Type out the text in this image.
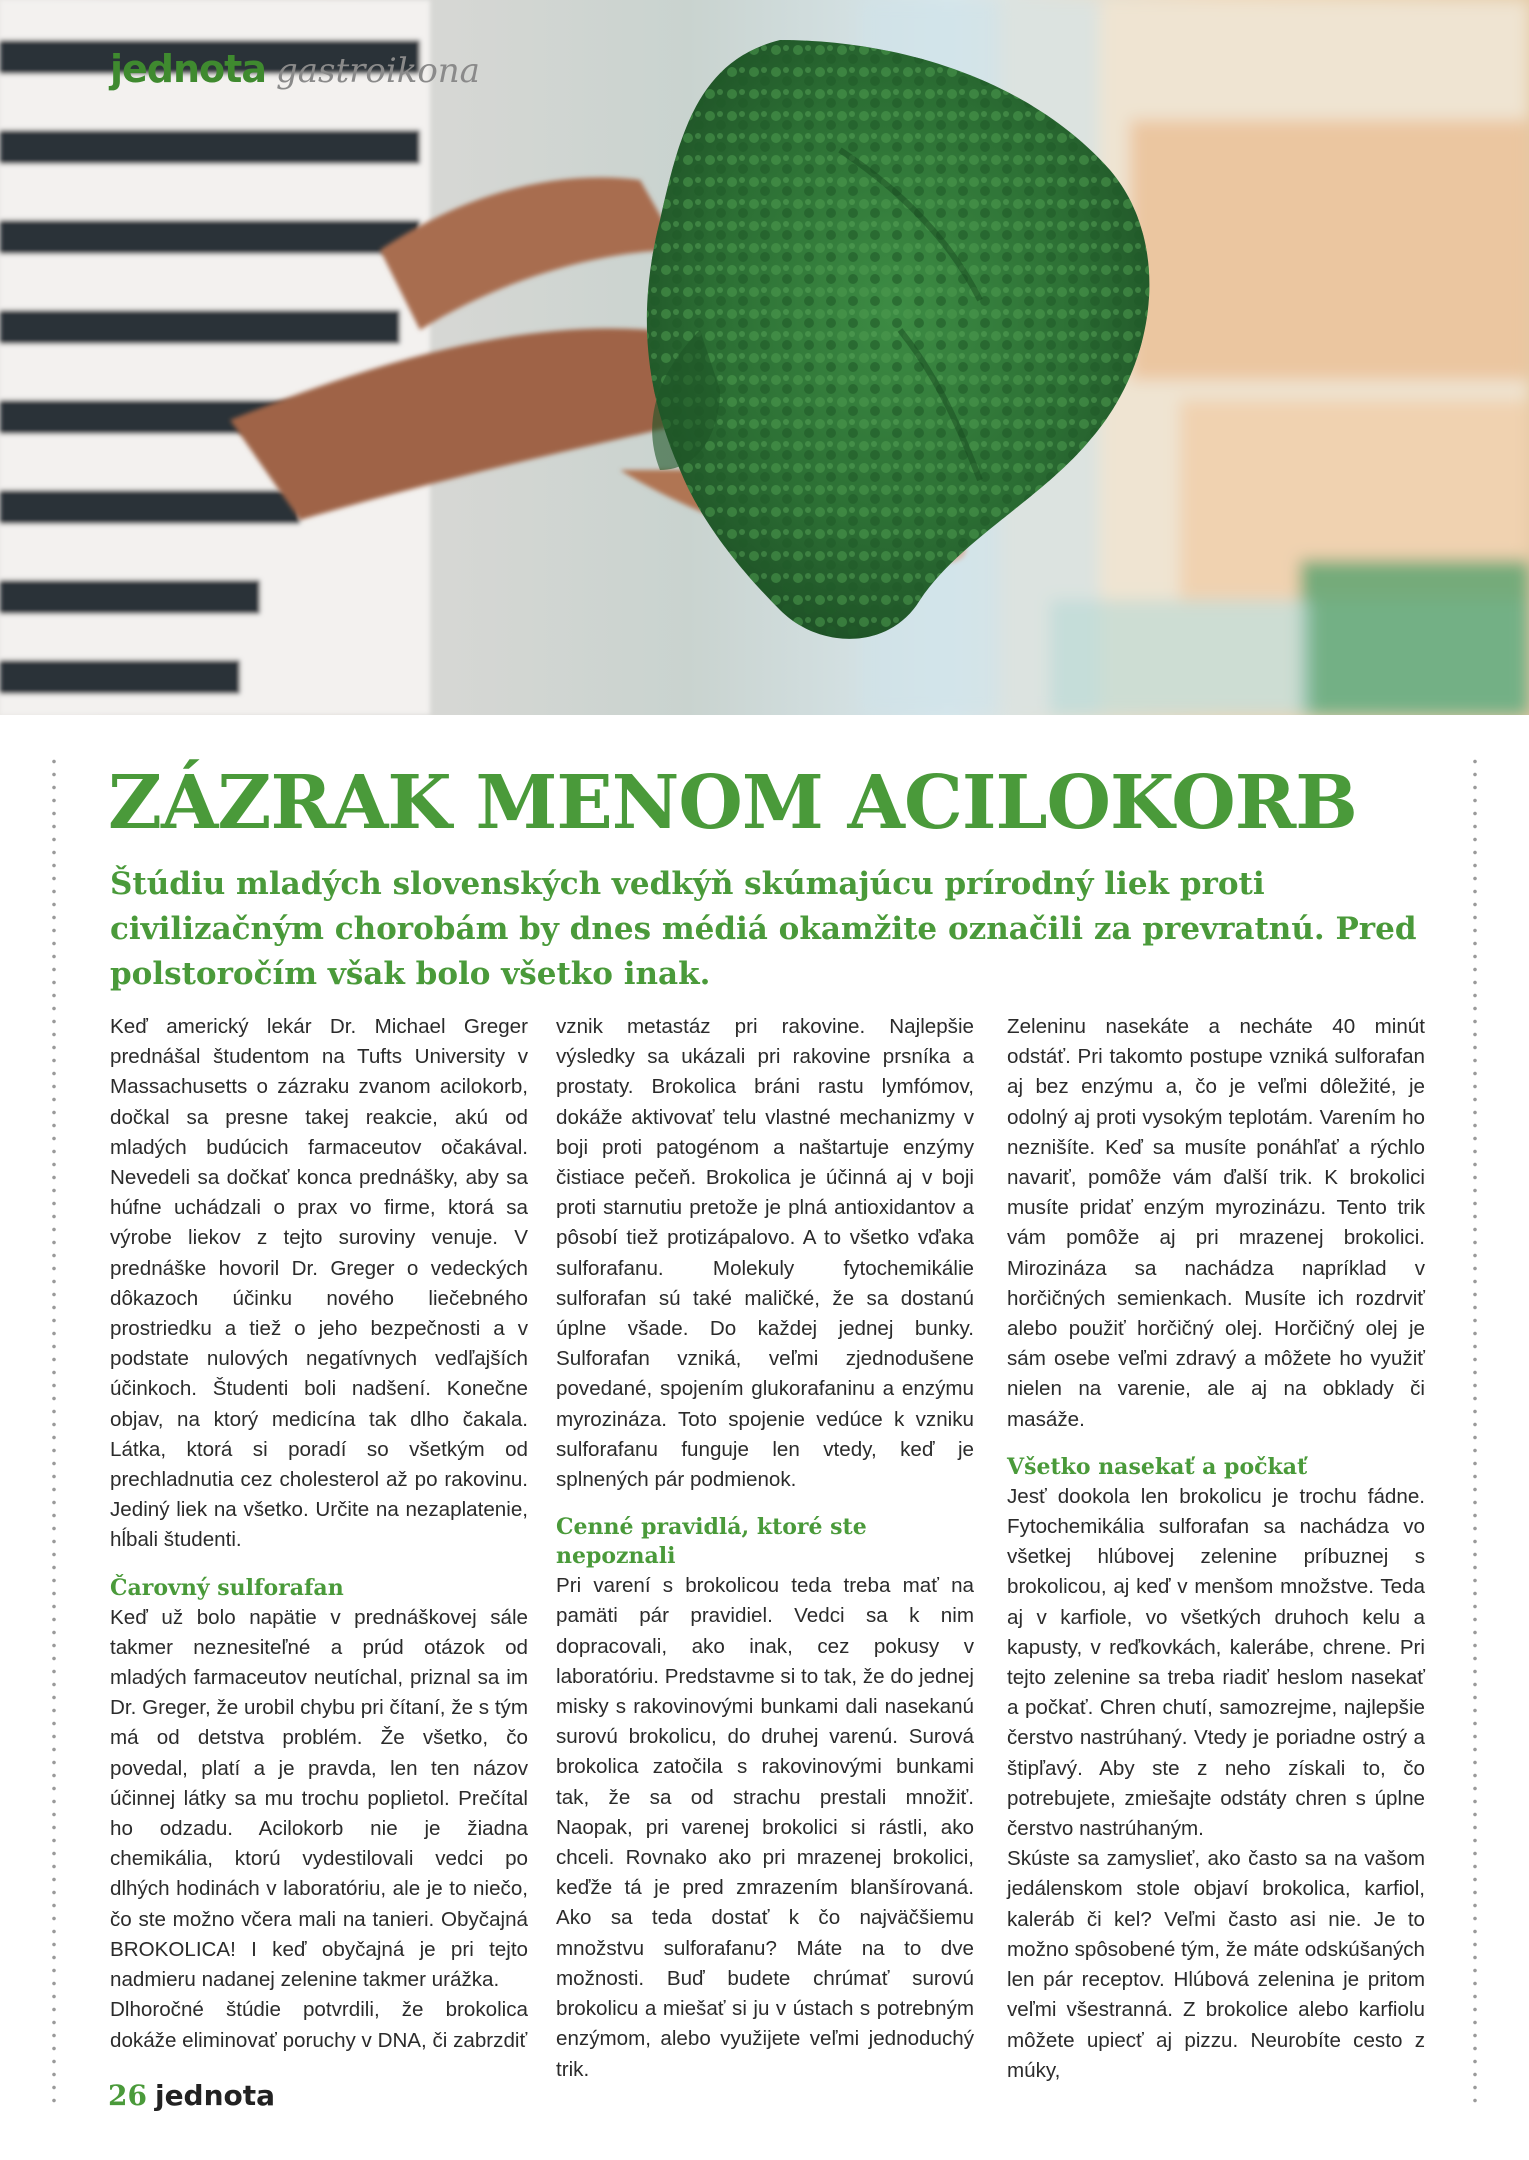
jednota gastroikona
ZÁZRAK MENOM ACILOKORB

Štúdiu mladých slovenských vedkýň skúmajúcu prírodný liek proti civilizačným chorobám by dnes médiá okamžite označili za prevratnú. Pred polstoročím však bolo všetko inak.

Keď americký lekár Dr. Michael Greger prednášal študentom na Tufts University v Massachusetts o zázraku zvanom acilokorb, dočkal sa presne takej reakcie, akú od mladých budúcich farmaceutov očakával. Nevedeli sa dočkať konca prednášky, aby sa húfne uchádzali o prax vo firme, ktorá sa výrobe liekov z tejto suroviny venuje. V prednáške hovoril Dr. Greger o vedeckých dôkazoch účinku nového liečebného prostriedku a tiež o jeho bezpečnosti a v podstate nulových negatívnych vedľajších účinkoch. Študenti boli nadšení. Konečne objav, na ktorý medicína tak dlho čakala. Látka, ktorá si poradí so všetkým od prechladnutia cez cholesterol až po rakovinu. Jediný liek na všetko. Určite na nezaplatenie, hĺbali študenti.

Čarovný sulforafan

Keď už bolo napätie v prednáškovej sále takmer neznesiteľné a prúd otázok od mladých farmaceutov neutíchal, priznal sa im Dr. Greger, že urobil chybu pri čítaní, že s tým má od detstva problém. Že všetko, čo povedal, platí a je pravda, len ten názov účinnej látky sa mu trochu poplietol. Prečítal ho odzadu. Acilokorb nie je žiadna chemikália, ktorú vydestilovali vedci po dlhých hodinách v laboratóriu, ale je to niečo, čo ste možno včera mali na tanieri. Obyčajná BROKOLICA! I keď obyčajná je pri tejto nadmieru nadanej zelenine takmer urážka.

Dlhoročné štúdie potvrdili, že brokolica dokáže eliminovať poruchy v DNA, či zabrzdiť

vznik metastáz pri rakovine. Najlepšie výsledky sa ukázali pri rakovine prsníka a prostaty. Brokolica bráni rastu lymfómov, dokáže aktivovať telu vlastné mechanizmy v boji proti patogénom a naštartuje enzýmy čistiace pečeň. Brokolica je účinná aj v boji proti starnutiu pretože je plná antioxidantov a pôsobí tiež protizápalovo. A to všetko vďaka sulforafanu. Molekuly fytochemikálie sulforafan sú také maličké, že sa dostanú úplne všade. Do každej jednej bunky. Sulforafan vzniká, veľmi zjednodušene povedané, spojením glukorafaninu a enzýmu myrozináza. Toto spojenie vedúce k vzniku sulforafanu funguje len vtedy, keď je splnených pár podmienok.

Cenné pravidlá, ktoré ste nepoznali

Pri varení s brokolicou teda treba mať na pamäti pár pravidiel. Vedci sa k nim dopracovali, ako inak, cez pokusy v laboratóriu. Predstavme si to tak, že do jednej misky s rakovinovými bunkami dali nasekanú surovú brokolicu, do druhej varenú. Surová brokolica zatočila s rakovinovými bunkami tak, že sa od strachu prestali množiť. Naopak, pri varenej brokolici si rástli, ako chceli. Rovnako ako pri mrazenej brokolici, keďže tá je pred zmrazením blanšírovaná. Ako sa teda dostať k čo najväčšiemu množstvu sulforafanu? Máte na to dve možnosti. Buď budete chrúmať surovú brokolicu a miešať si ju v ústach s potrebným enzýmom, alebo využijete veľmi jednoduchý trik.

Zeleninu nasekáte a necháte 40 minút odstáť. Pri takomto postupe vzniká sulforafan aj bez enzýmu a, čo je veľmi dôležité, je odolný aj proti vysokým teplotám. Varením ho neznišíte. Keď sa musíte ponáhľať a rýchlo navariť, pomôže vám ďalší trik. K brokolici musíte pridať enzým myrozinázu. Tento trik vám pomôže aj pri mrazenej brokolici. Mirozináza sa nachádza napríklad v horčičných semienkach. Musíte ich rozdrviť alebo použiť horčičný olej. Horčičný olej je sám osebe veľmi zdravý a môžete ho využiť nielen na varenie, ale aj na obklady či masáže.

Všetko nasekať a počkať

Jesť dookola len brokolicu je trochu fádne. Fytochemikália sulforafan sa nachádza vo všetkej hlúbovej zelenine príbuznej s brokolicou, aj keď v menšom množstve. Teda aj v karfiole, vo všetkých druhoch kelu a kapusty, v reďkovkách, kalerábe, chrene. Pri tejto zelenine sa treba riadiť heslom nasekať a počkať. Chren chutí, samozrejme, najlepšie čerstvo nastrúhaný. Vtedy je poriadne ostrý a štipľavý. Aby ste z neho získali to, čo potrebujete, zmiešajte odstáty chren s úplne čerstvo nastrúhaným.

Skúste sa zamyslieť, ako často sa na vašom jedálenskom stole objaví brokolica, karfiol, kaleráb či kel? Veľmi často asi nie. Je to možno spôsobené tým, že máte odskúšaných len pár receptov. Hlúbová zelenina je pritom veľmi všestranná. Z brokolice alebo karfiolu môžete upiecť aj pizzu. Neurobíte cesto z múky,

26 jednota
